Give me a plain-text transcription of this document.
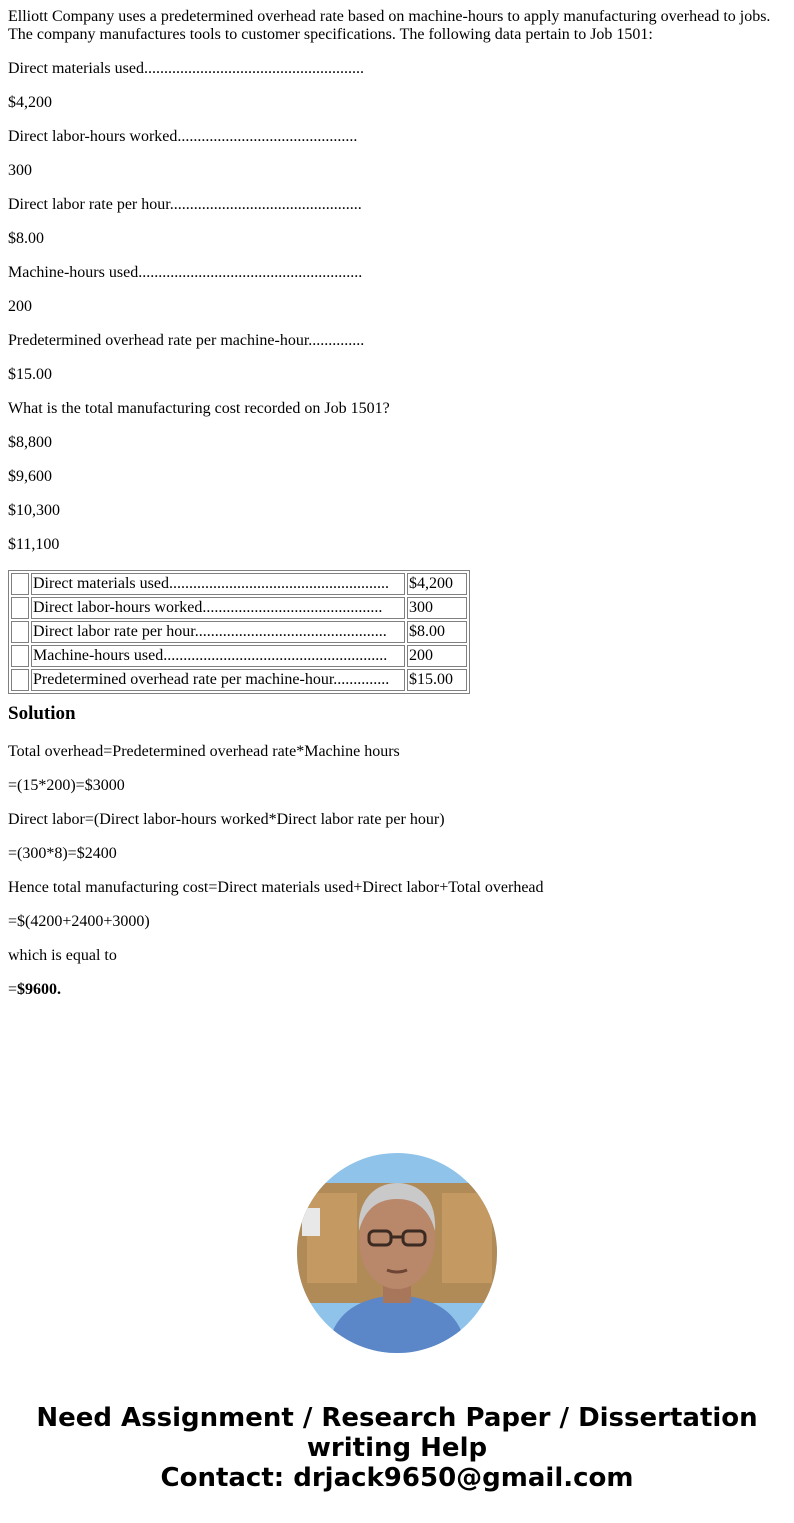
Elliott Company uses a predetermined overhead rate based on machine-hours to apply manufacturing overhead to jobs. The company manufactures tools to customer specifications. The following data pertain to Job 1501:

Direct materials used.......................................................

$4,200

Direct labor-hours worked.............................................

300

Direct labor rate per hour................................................

$8.00

Machine-hours used........................................................

200

Predetermined overhead rate per machine-hour..............

$15.00

What is the total manufacturing cost recorded on Job 1501?

$8,800

$9,600

$10,300

$11,100

	Direct materials used.......................................................	$4,200
	Direct labor-hours worked.............................................	300
	Direct labor rate per hour................................................	$8.00
	Machine-hours used........................................................	200
	Predetermined overhead rate per machine-hour..............	$15.00
Solution

Total overhead=Predetermined overhead rate*Machine hours

=(15*200)=$3000

Direct labor=(Direct labor-hours worked*Direct labor rate per hour)

=(300*8)=$2400

Hence total manufacturing cost=Direct materials used+Direct labor+Total overhead

=$(4200+2400+3000)

which is equal to

=$9600.

Need Assignment / Research Paper / Dissertation
writing Help
Contact: drjack9650@gmail.com
